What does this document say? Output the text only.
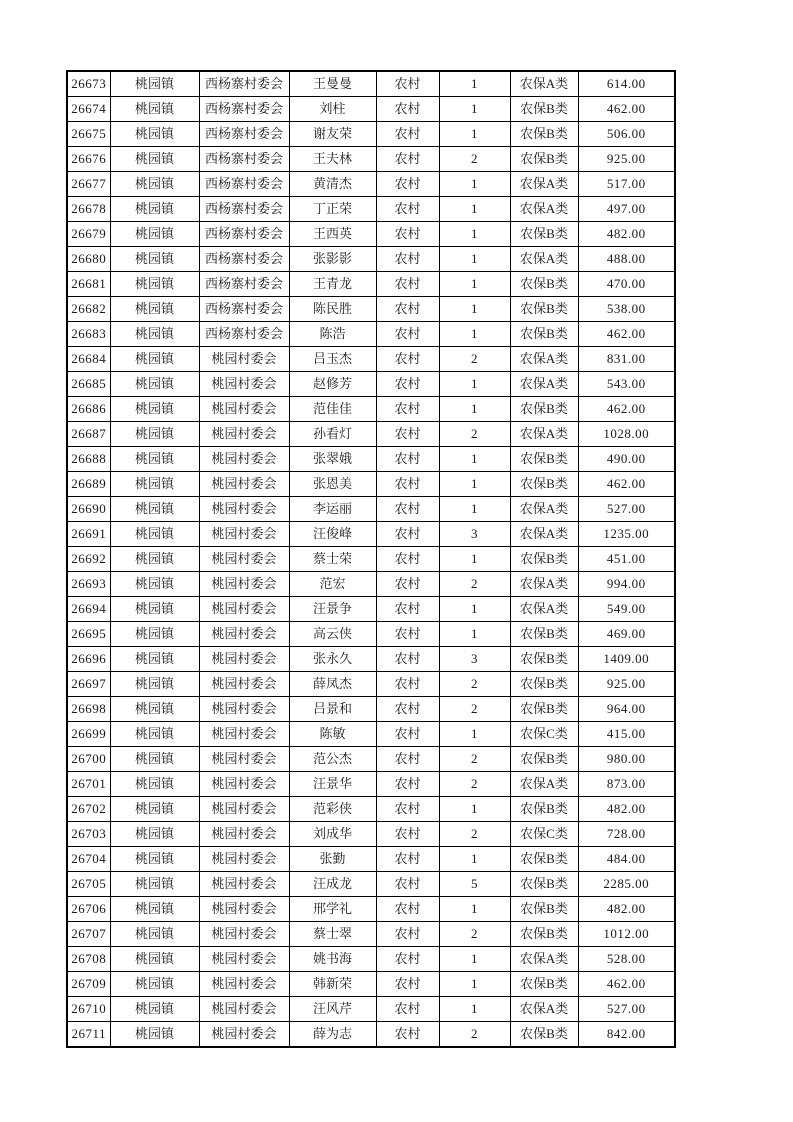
26673	桃园镇	西杨寨村委会	王曼曼	农村	1	农保A类	614.00
26674	桃园镇	西杨寨村委会	刘柱	农村	1	农保B类	462.00
26675	桃园镇	西杨寨村委会	谢友荣	农村	1	农保B类	506.00
26676	桃园镇	西杨寨村委会	王夫林	农村	2	农保B类	925.00
26677	桃园镇	西杨寨村委会	黄清杰	农村	1	农保A类	517.00
26678	桃园镇	西杨寨村委会	丁正荣	农村	1	农保A类	497.00
26679	桃园镇	西杨寨村委会	王西英	农村	1	农保B类	482.00
26680	桃园镇	西杨寨村委会	张影影	农村	1	农保A类	488.00
26681	桃园镇	西杨寨村委会	王青龙	农村	1	农保B类	470.00
26682	桃园镇	西杨寨村委会	陈民胜	农村	1	农保B类	538.00
26683	桃园镇	西杨寨村委会	陈浩	农村	1	农保B类	462.00
26684	桃园镇	桃园村委会	吕玉杰	农村	2	农保A类	831.00
26685	桃园镇	桃园村委会	赵修芳	农村	1	农保A类	543.00
26686	桃园镇	桃园村委会	范佳佳	农村	1	农保B类	462.00
26687	桃园镇	桃园村委会	孙看灯	农村	2	农保A类	1028.00
26688	桃园镇	桃园村委会	张翠娥	农村	1	农保B类	490.00
26689	桃园镇	桃园村委会	张恩美	农村	1	农保B类	462.00
26690	桃园镇	桃园村委会	李运丽	农村	1	农保A类	527.00
26691	桃园镇	桃园村委会	汪俊峰	农村	3	农保A类	1235.00
26692	桃园镇	桃园村委会	蔡士荣	农村	1	农保B类	451.00
26693	桃园镇	桃园村委会	范宏	农村	2	农保A类	994.00
26694	桃园镇	桃园村委会	汪景争	农村	1	农保A类	549.00
26695	桃园镇	桃园村委会	高云侠	农村	1	农保B类	469.00
26696	桃园镇	桃园村委会	张永久	农村	3	农保B类	1409.00
26697	桃园镇	桃园村委会	薛凤杰	农村	2	农保B类	925.00
26698	桃园镇	桃园村委会	吕景和	农村	2	农保B类	964.00
26699	桃园镇	桃园村委会	陈敏	农村	1	农保C类	415.00
26700	桃园镇	桃园村委会	范公杰	农村	2	农保B类	980.00
26701	桃园镇	桃园村委会	汪景华	农村	2	农保A类	873.00
26702	桃园镇	桃园村委会	范彩侠	农村	1	农保B类	482.00
26703	桃园镇	桃园村委会	刘成华	农村	2	农保C类	728.00
26704	桃园镇	桃园村委会	张勤	农村	1	农保B类	484.00
26705	桃园镇	桃园村委会	汪成龙	农村	5	农保B类	2285.00
26706	桃园镇	桃园村委会	邢学礼	农村	1	农保B类	482.00
26707	桃园镇	桃园村委会	蔡士翠	农村	2	农保B类	1012.00
26708	桃园镇	桃园村委会	姚书海	农村	1	农保A类	528.00
26709	桃园镇	桃园村委会	韩新荣	农村	1	农保B类	462.00
26710	桃园镇	桃园村委会	汪风芹	农村	1	农保A类	527.00
26711	桃园镇	桃园村委会	薛为志	农村	2	农保B类	842.00
